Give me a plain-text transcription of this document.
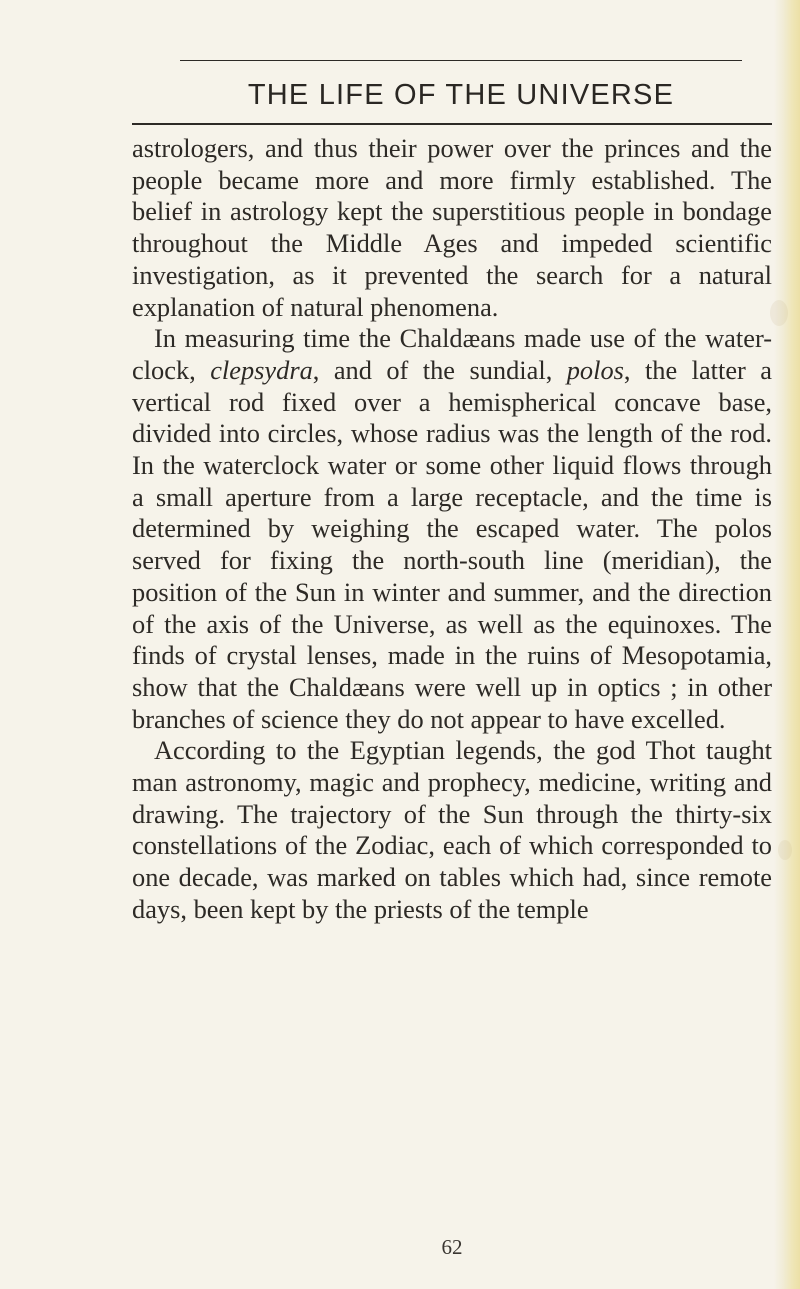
THE LIFE OF THE UNIVERSE

astrologers, and thus their power over the princes and the people became more and more firmly established. The belief in astrology kept the superstitious people in bondage throughout the Middle Ages and impeded scientific investigation, as it prevented the search for a natural explanation of natural phenomena.

In measuring time the Chaldæans made use of the water-clock, clepsydra, and of the sundial, polos, the latter a vertical rod fixed over a hemispherical concave base, divided into circles, whose radius was the length of the rod. In the waterclock water or some other liquid flows through a small aperture from a large receptacle, and the time is determined by weighing the escaped water. The polos served for fixing the north-south line (meridian), the position of the Sun in winter and summer, and the direction of the axis of the Universe, as well as the equinoxes. The finds of crystal lenses, made in the ruins of Mesopotamia, show that the Chaldæans were well up in optics ; in other branches of science they do not appear to have excelled.

According to the Egyptian legends, the god Thot taught man astronomy, magic and prophecy, medicine, writing and drawing. The trajectory of the Sun through the thirty-six constellations of the Zodiac, each of which corresponded to one decade, was marked on tables which had, since remote days, been kept by the priests of the temple

62
